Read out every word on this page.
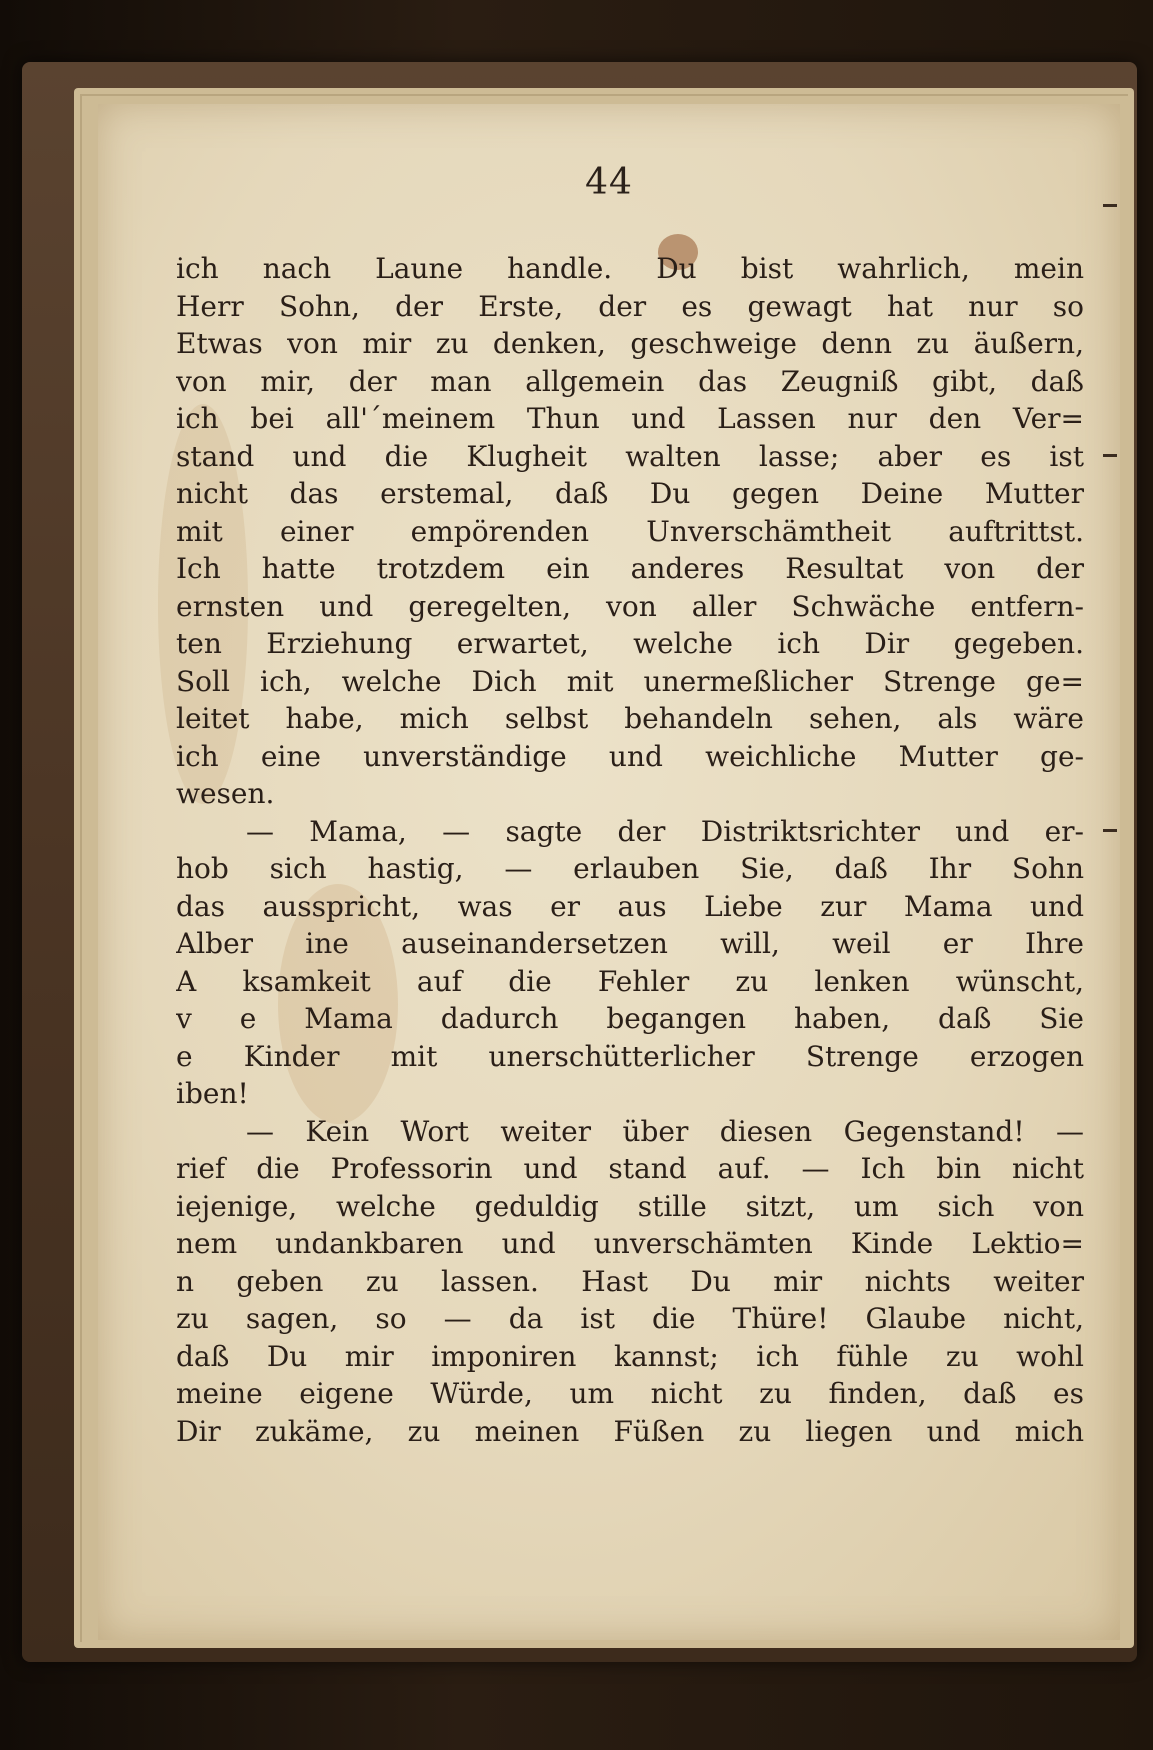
44
ich nach Laune handle. Du bist wahrlich, mein
Herr Sohn, der Erste, der es gewagt hat nur so
Etwas von mir zu denken, geschweige denn zu äußern,
von mir, der man allgemein das Zeugniß gibt, daß
ich bei all'´meinem Thun und Lassen nur den Ver=
stand und die Klugheit walten lasse; aber es ist
nicht das erstemal, daß Du gegen Deine Mutter
mit einer empörenden Unverschämtheit auftrittst.
Ich hatte trotzdem ein anderes Resultat von der
ernsten und geregelten, von aller Schwäche entfern-
ten Erziehung erwartet, welche ich Dir gegeben.
Soll ich, welche Dich mit unermeßlicher Strenge ge=
leitet habe, mich selbst behandeln sehen, als wäre
ich eine unverständige und weichliche Mutter ge-
wesen.
— Mama, — sagte der Distriktsrichter und er-
hob sich hastig, — erlauben Sie, daß Ihr Sohn
das ausspricht, was er aus Liebe zur Mama und
Alber ine auseinandersetzen will, weil er Ihre
A ksamkeit auf die Fehler zu lenken wünscht,
v e Mama dadurch begangen haben, daß Sie
e Kinder mit unerschütterlicher Strenge erzogen
iben!
— Kein Wort weiter über diesen Gegenstand! —
rief die Professorin und stand auf. — Ich bin nicht
iejenige, welche geduldig stille sitzt, um sich von
nem undankbaren und unverschämten Kinde Lektio=
n geben zu lassen. Hast Du mir nichts weiter
zu sagen, so — da ist die Thüre! Glaube nicht,
daß Du mir imponiren kannst; ich fühle zu wohl
meine eigene Würde, um nicht zu finden, daß es
Dir zukäme, zu meinen Füßen zu liegen und mich
